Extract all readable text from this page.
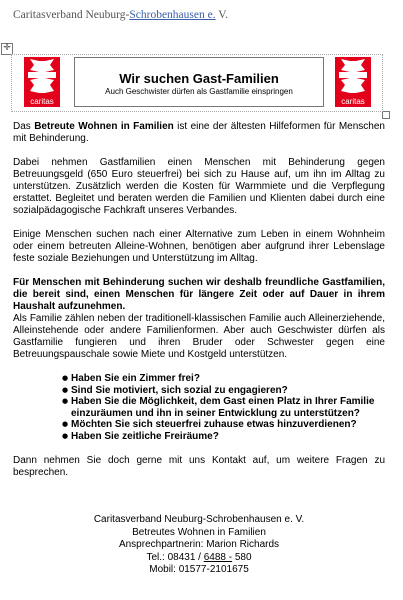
Caritasverband Neuburg-Schrobenhausen e. V.
✛
caritas
Wir suchen Gast-Familien
Auch Geschwister dürfen als Gastfamilie einspringen
caritas

Das Betreute Wohnen in Familien ist eine der ältesten Hilfeformen für Menschen mit Behinderung.

Dabei nehmen Gastfamilien einen Menschen mit Behinderung gegen Betreuungsgeld (650 Euro steuerfrei) bei sich zu Hause auf, um ihn im Alltag zu unterstützen. Zusätzlich werden die Kosten für Warmmiete und die Verpflegung erstattet. Begleitet und beraten werden die Familien und Klienten dabei durch eine sozialpädagogische Fachkraft unseres Verbandes.

Einige Menschen suchen nach einer Alternative zum Leben in einem Wohnheim oder einem betreuten Alleine-Wohnen, benötigen aber aufgrund ihrer Lebenslage feste soziale Beziehungen und Unterstützung im Alltag.

Für Menschen mit Behinderung suchen wir deshalb freundliche Gastfamilien, die bereit sind, einen Menschen für längere Zeit oder auf Dauer in ihrem Haushalt aufzunehmen.

Als Familie zählen neben der traditionell-klassischen Familie auch Alleinerziehende, Alleinstehende oder andere Familienformen. Aber auch Geschwister dürfen als Gastfamilie fungieren und ihren Bruder oder Schwester gegen eine Betreuungspauschale sowie Miete und Kostgeld unterstützen.

● Haben Sie ein Zimmer frei?
● Sind Sie motiviert, sich sozial zu engagieren?
● Haben Sie die Möglichkeit, dem Gast einen Platz in Ihrer Familie einzuräumen und ihn in seiner Entwicklung zu unterstützen?
● Möchten Sie sich steuerfrei zuhause etwas hinzuverdienen?
● Haben Sie zeitliche Freiräume?

Dann nehmen Sie doch gerne mit uns Kontakt auf, um weitere Fragen zu besprechen.

Caritasverband Neuburg-Schrobenhausen e. V.
Betreutes Wohnen in Familien
Ansprechpartnerin: Marion Richards
Tel.: 08431 / 6488 - 580
Mobil: 01577-2101675
